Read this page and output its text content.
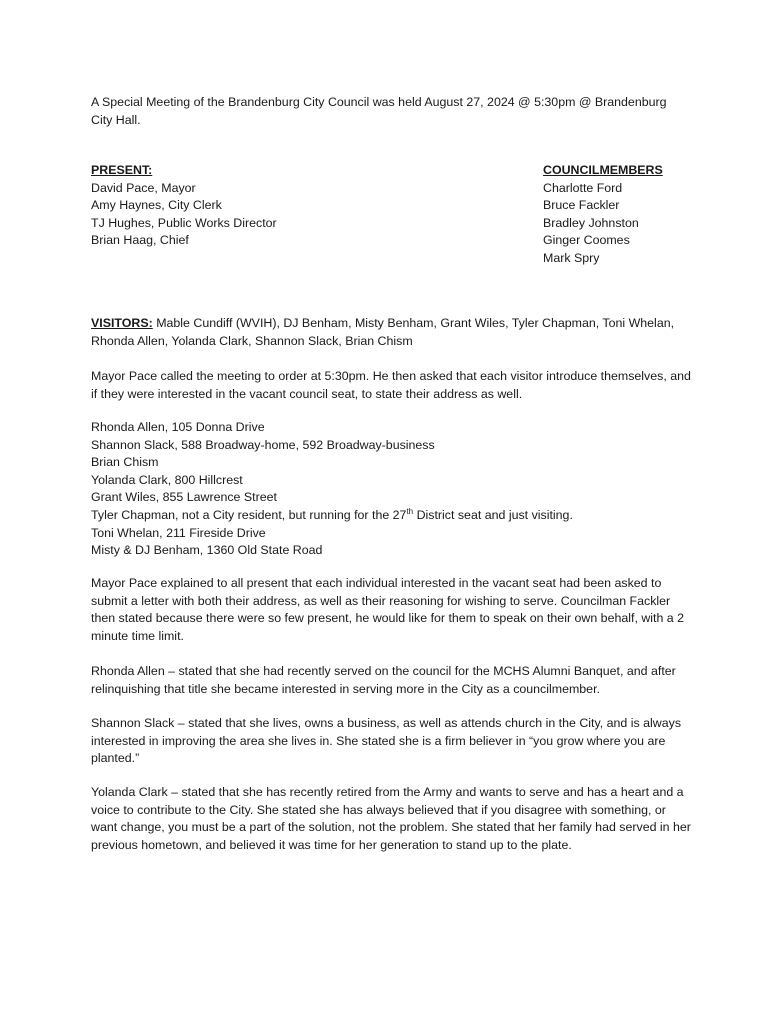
A Special Meeting of the Brandenburg City Council was held August 27, 2024 @ 5:30pm @ Brandenburg City Hall.

PRESENT:
David Pace, Mayor
Amy Haynes, City Clerk
TJ Hughes, Public Works Director
Brian Haag, Chief
COUNCILMEMBERS
Charlotte Ford
Bruce Fackler
Bradley Johnston
Ginger Coomes
Mark Spry

VISITORS: Mable Cundiff (WVIH), DJ Benham, Misty Benham, Grant Wiles, Tyler Chapman, Toni Whelan, Rhonda Allen, Yolanda Clark, Shannon Slack, Brian Chism

Mayor Pace called the meeting to order at 5:30pm. He then asked that each visitor introduce themselves, and if they were interested in the vacant council seat, to state their address as well.

Rhonda Allen, 105 Donna Drive
Shannon Slack, 588 Broadway-home, 592 Broadway-business
Brian Chism
Yolanda Clark, 800 Hillcrest
Grant Wiles, 855 Lawrence Street
Tyler Chapman, not a City resident, but running for the 27th District seat and just visiting.
Toni Whelan, 211 Fireside Drive
Misty & DJ Benham, 1360 Old State Road

Mayor Pace explained to all present that each individual interested in the vacant seat had been asked to submit a letter with both their address, as well as their reasoning for wishing to serve. Councilman Fackler then stated because there were so few present, he would like for them to speak on their own behalf, with a 2 minute time limit.

Rhonda Allen – stated that she had recently served on the council for the MCHS Alumni Banquet, and after relinquishing that title she became interested in serving more in the City as a councilmember.

Shannon Slack – stated that she lives, owns a business, as well as attends church in the City, and is always interested in improving the area she lives in. She stated she is a firm believer in “you grow where you are planted.”

Yolanda Clark – stated that she has recently retired from the Army and wants to serve and has a heart and a voice to contribute to the City. She stated she has always believed that if you disagree with something, or want change, you must be a part of the solution, not the problem. She stated that her family had served in her previous hometown, and believed it was time for her generation to stand up to the plate.
